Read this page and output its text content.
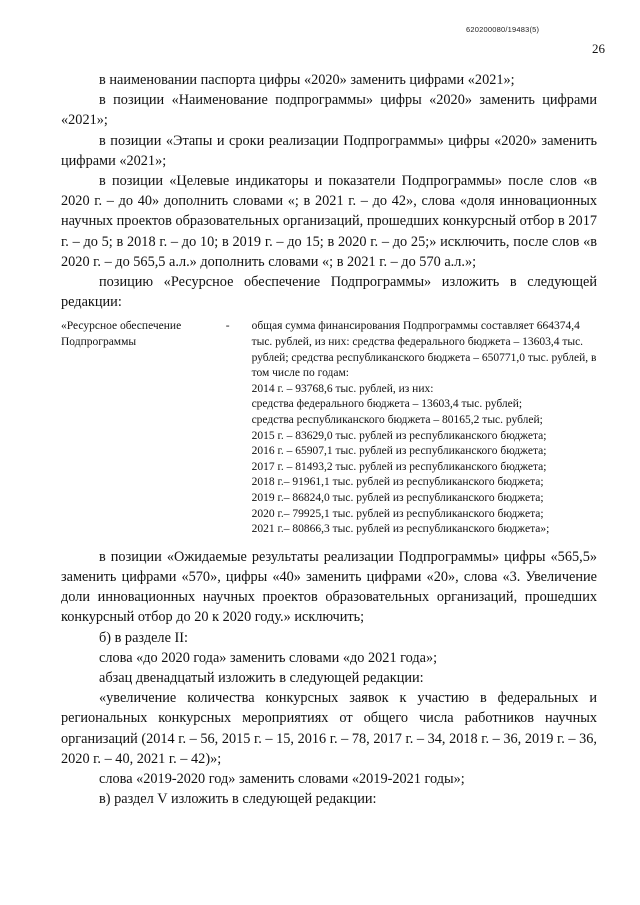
620200080/19483(5)
26

в наименовании паспорта цифры «2020» заменить цифрами «2021»;

в позиции «Наименование подпрограммы» цифры «2020» заменить цифрами «2021»;

в позиции «Этапы и сроки реализации Подпрограммы» цифры «2020» заменить цифрами «2021»;

в позиции «Целевые индикаторы и показатели Подпрограммы» после слов «в 2020 г. – до 40» дополнить словами «; в 2021 г. – до 42», слова «доля инновационных научных проектов образовательных организаций, прошедших конкурсный отбор в 2017 г. – до 5; в 2018 г. – до 10; в 2019 г. – до 15; в 2020 г. – до 25;» исключить, после слов «в 2020 г. – до 565,5 а.л.» дополнить словами «; в 2021 г. – до 570 а.л.»;

позицию «Ресурсное обеспечение Подпрограммы» изложить в следующей редакции:

«Ресурсное обеспечение Подпрограммы
-	общая сумма финансирования Подпрограммы составляет 664374,4 тыс. рублей, из них: средства федерального бюджета – 13603,4 тыс. рублей; средства республиканского бюджета – 650771,0 тыс. рублей, в том числе по годам:
2014 г. – 93768,6 тыс. рублей, из них:
средства федерального бюджета – 13603,4 тыс. рублей;
средства республиканского бюджета – 80165,2 тыс. рублей;
2015 г. – 83629,0 тыс. рублей из республиканского бюджета;
2016 г. – 65907,1 тыс. рублей из республиканского бюджета;
2017 г. – 81493,2 тыс. рублей из республиканского бюджета;
2018 г.– 91961,1 тыс. рублей из республиканского бюджета;
2019 г.– 86824,0 тыс. рублей из республиканского бюджета;
2020 г.– 79925,1 тыс. рублей из республиканского бюджета;
2021 г.– 80866,3 тыс. рублей из республиканского бюджета»;

в позиции «Ожидаемые результаты реализации Подпрограммы» цифры «565,5» заменить цифрами «570», цифры «40» заменить цифрами «20», слова «3. Увеличение доли инновационных научных проектов образовательных организаций, прошедших конкурсный отбор до 20 к 2020 году.» исключить;

б) в разделе II:

слова «до 2020 года» заменить словами «до 2021 года»;

абзац двенадцатый изложить в следующей редакции:

«увеличение количества конкурсных заявок к участию в федеральных и региональных конкурсных мероприятиях от общего числа работников научных организаций (2014 г. – 56, 2015 г. – 15, 2016 г. – 78, 2017 г. – 34, 2018 г. – 36, 2019 г. – 36, 2020 г. – 40, 2021 г. – 42)»;

слова «2019-2020 год» заменить словами «2019-2021 годы»;

в) раздел V изложить в следующей редакции:
